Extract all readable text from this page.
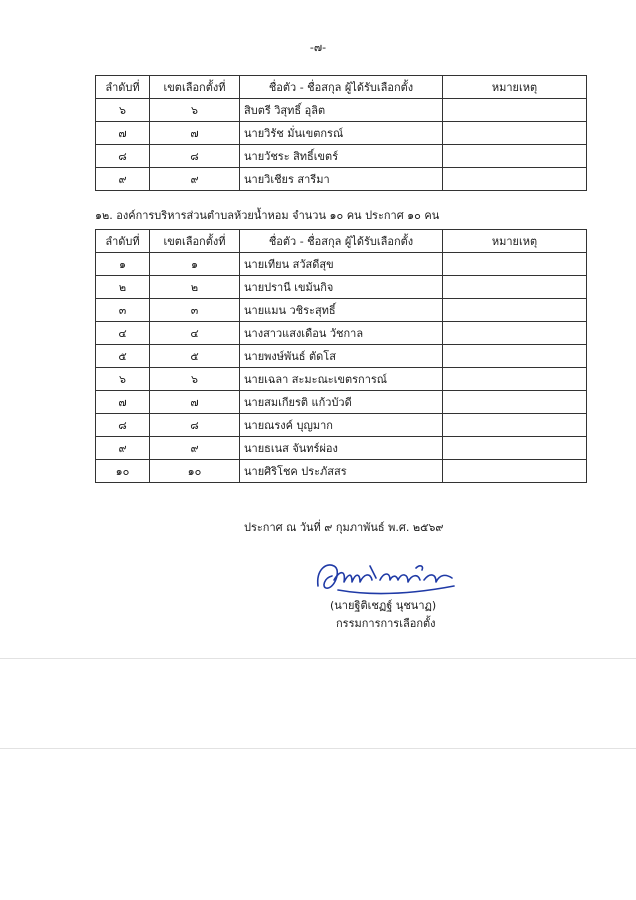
-๗-
ลำดับที่	เขตเลือกตั้งที่	ชื่อตัว - ชื่อสกุล ผู้ได้รับเลือกตั้ง	หมายเหตุ
๖	๖	สิบตรี วิสุทธิ์ อุลิต	
๗	๗	นายวิรัช มั่นเขตกรณ์	
๘	๘	นายวัชระ สิทธิ์เขตร์	
๙	๙	นายวิเชียร สารีมา	
๑๒. องค์การบริหารส่วนตำบลห้วยน้ำหอม จำนวน ๑๐ คน ประกาศ ๑๐ คน
ลำดับที่	เขตเลือกตั้งที่	ชื่อตัว - ชื่อสกุล ผู้ได้รับเลือกตั้ง	หมายเหตุ
๑	๑	นายเทียน สวัสดีสุข	
๒	๒	นายปรานี เขม้นกิจ	
๓	๓	นายแมน วชิระสุทธิ์	
๔	๔	นางสาวแสงเดือน วัชกาล	
๕	๕	นายพงษ์พันธ์ ตัดโส	
๖	๖	นายเฉลา สะมะณะเขตรการณ์	
๗	๗	นายสมเกียรติ แก้วบัวดี	
๘	๘	นายณรงค์ บุญมาก	
๙	๙	นายธเนส จันทร์ผ่อง	
๑๐	๑๐	นายศิริโชค ประภัสสร	
ประกาศ ณ วันที่ ๙ กุมภาพันธ์ พ.ศ. ๒๕๖๙
(นายฐิติเชฏฐ์ นุชนาฏ)
กรรมการการเลือกตั้ง
